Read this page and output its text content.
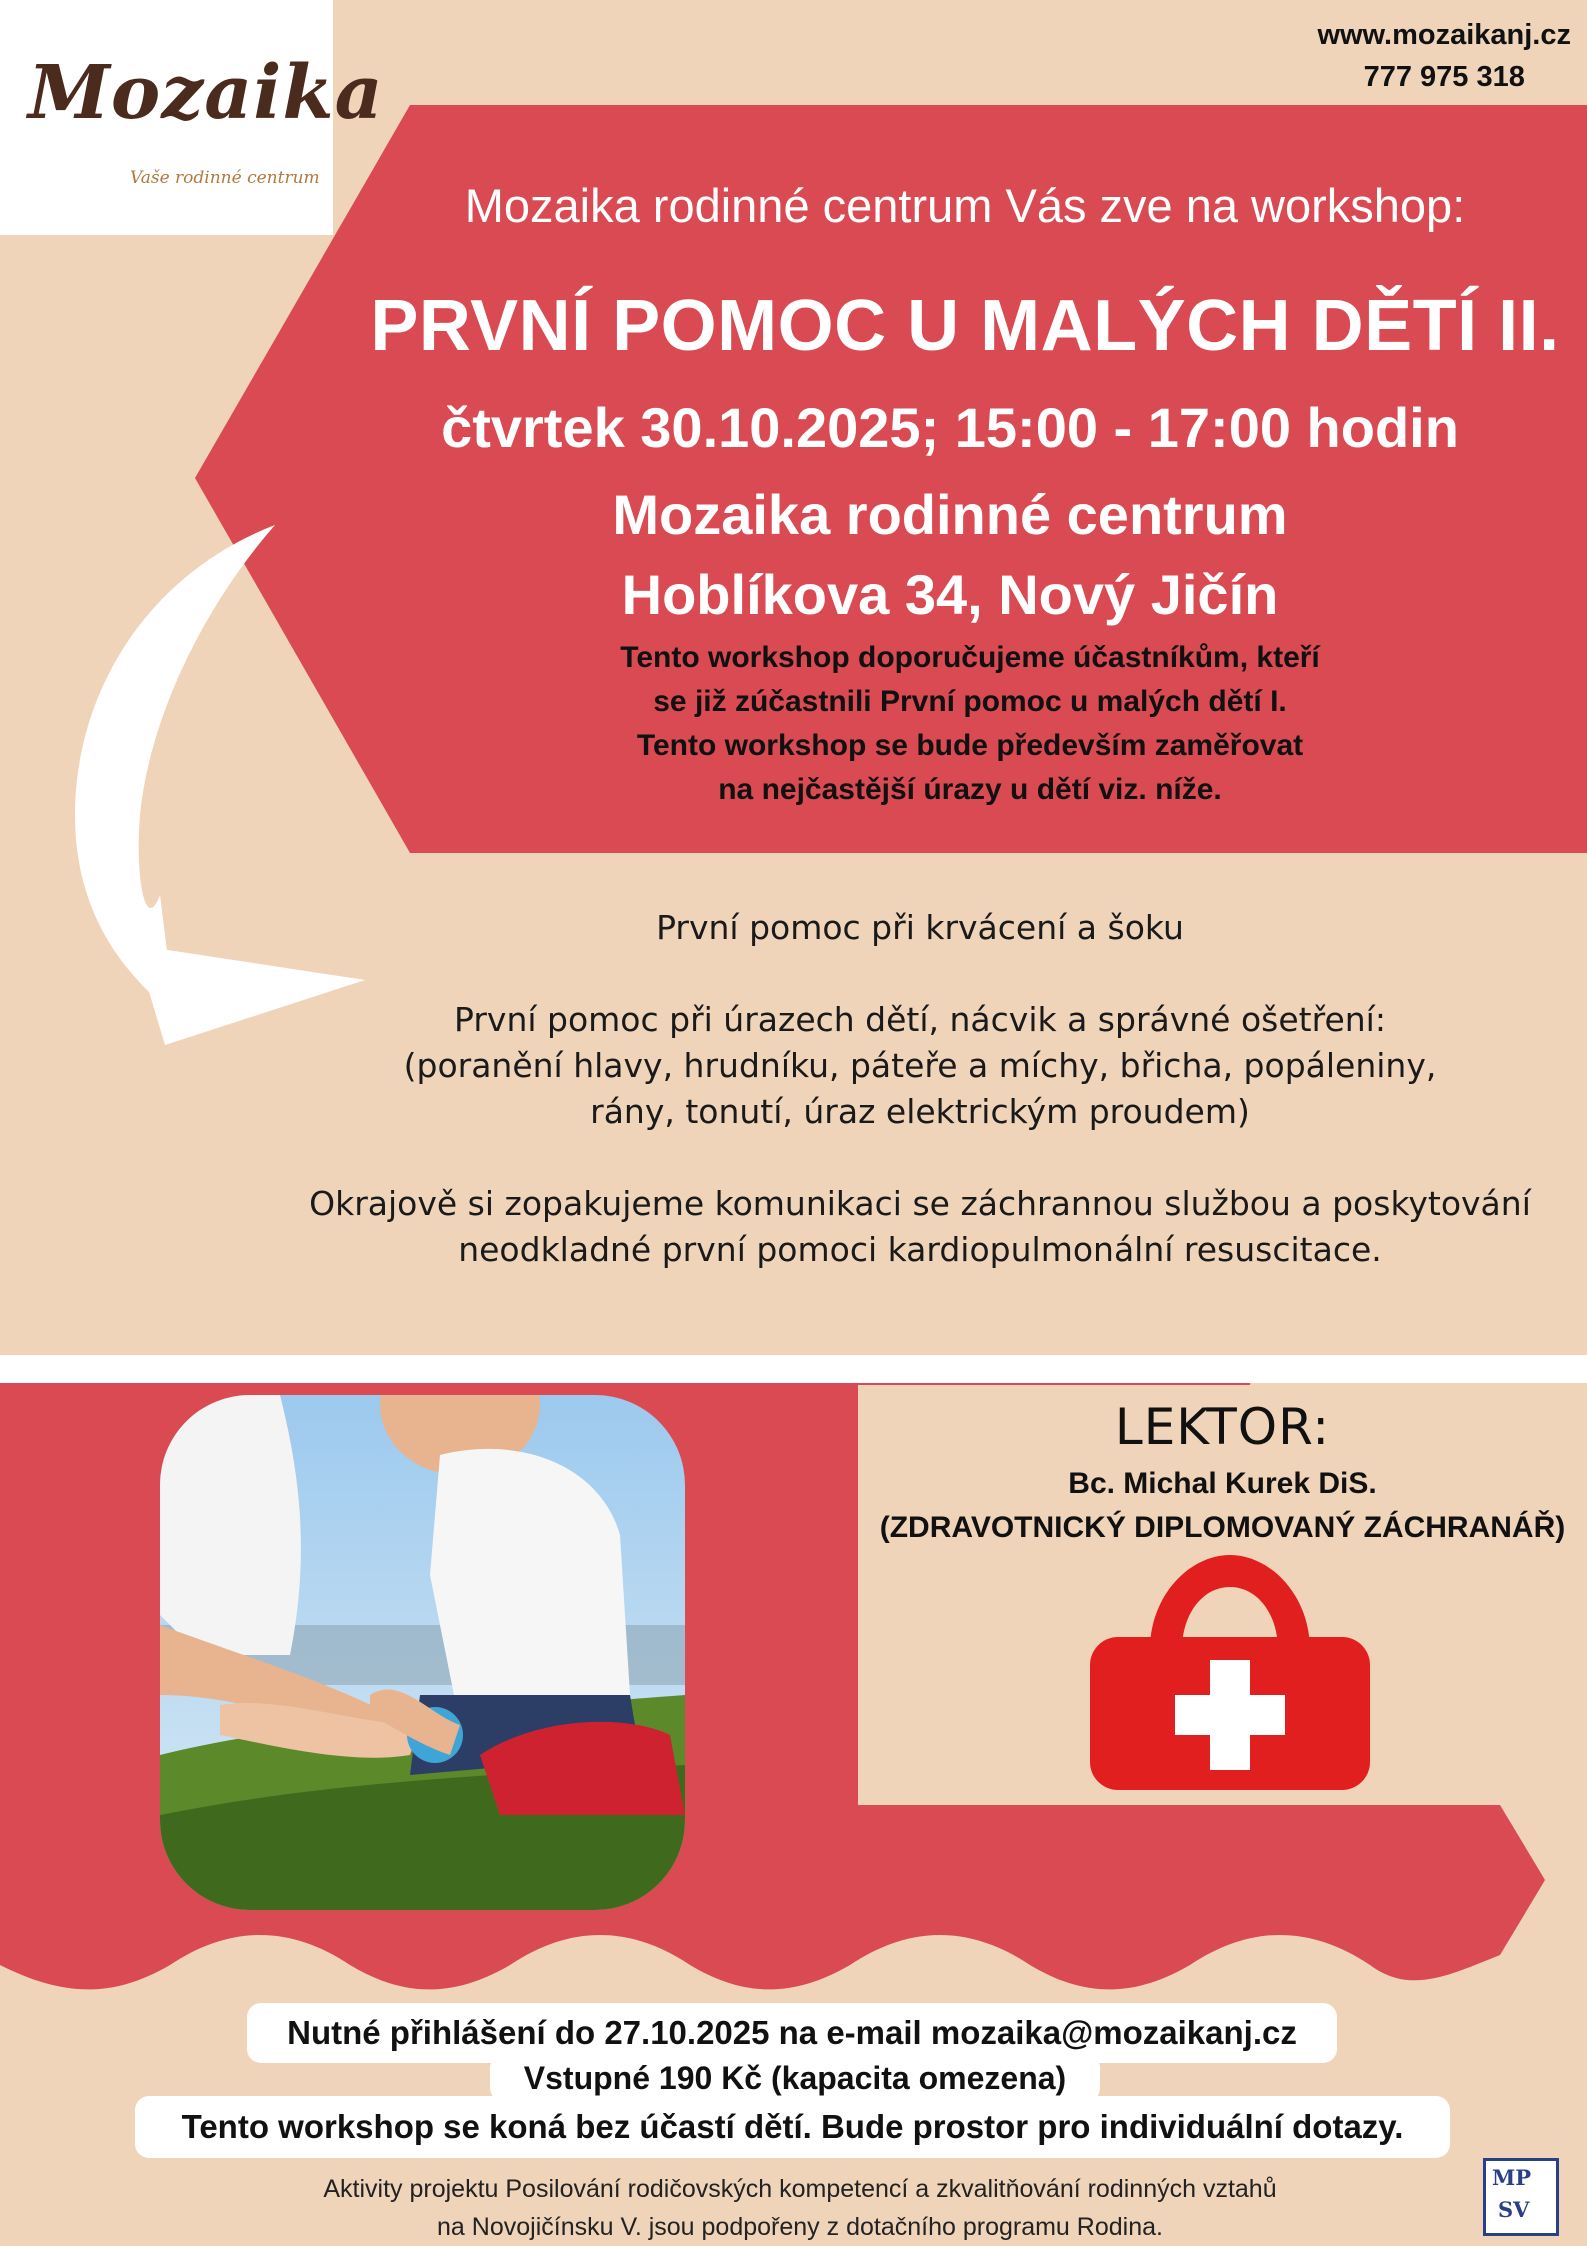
Mozaika
Vaše rodinné centrum
www.mozaikanj.cz
777 975 318
Mozaika rodinné centrum Vás zve na workshop:
PRVNÍ POMOC U MALÝCH DĚTÍ II.
čtvrtek 30.10.2025; 15:00 - 17:00 hodin
Mozaika rodinné centrum
Hoblíkova 34, Nový Jičín
Tento workshop doporučujeme účastníkům, kteří
se již zúčastnili První pomoc u malých dětí I.
Tento workshop se bude především zaměřovat
na nejčastější úrazy u dětí viz. níže.

První pomoc při krvácení a šoku

První pomoc při úrazech dětí, nácvik a správné ošetření:
(poranění hlavy, hrudníku, páteře a míchy, břicha, popáleniny,
rány, tonutí, úraz elektrickým proudem)

Okrajově si zopakujeme komunikaci se záchrannou službou a poskytování
neodkladné první pomoci kardiopulmonální resuscitace.

LEKTOR:
Bc. Michal Kurek DiS.
(ZDRAVOTNICKÝ DIPLOMOVANÝ ZÁCHRANÁŘ)
Nutné přihlášení do 27.10.2025 na e-mail mozaika@mozaikanj.cz
Vstupné 190 Kč (kapacita omezena)
Tento workshop se koná bez účastí dětí. Bude prostor pro individuální dotazy.
Aktivity projektu Posilování rodičovských kompetencí a zkvalitňování rodinných vztahů
na Novojičínsku V. jsou podpořeny z dotačního programu Rodina.
MP
SV
